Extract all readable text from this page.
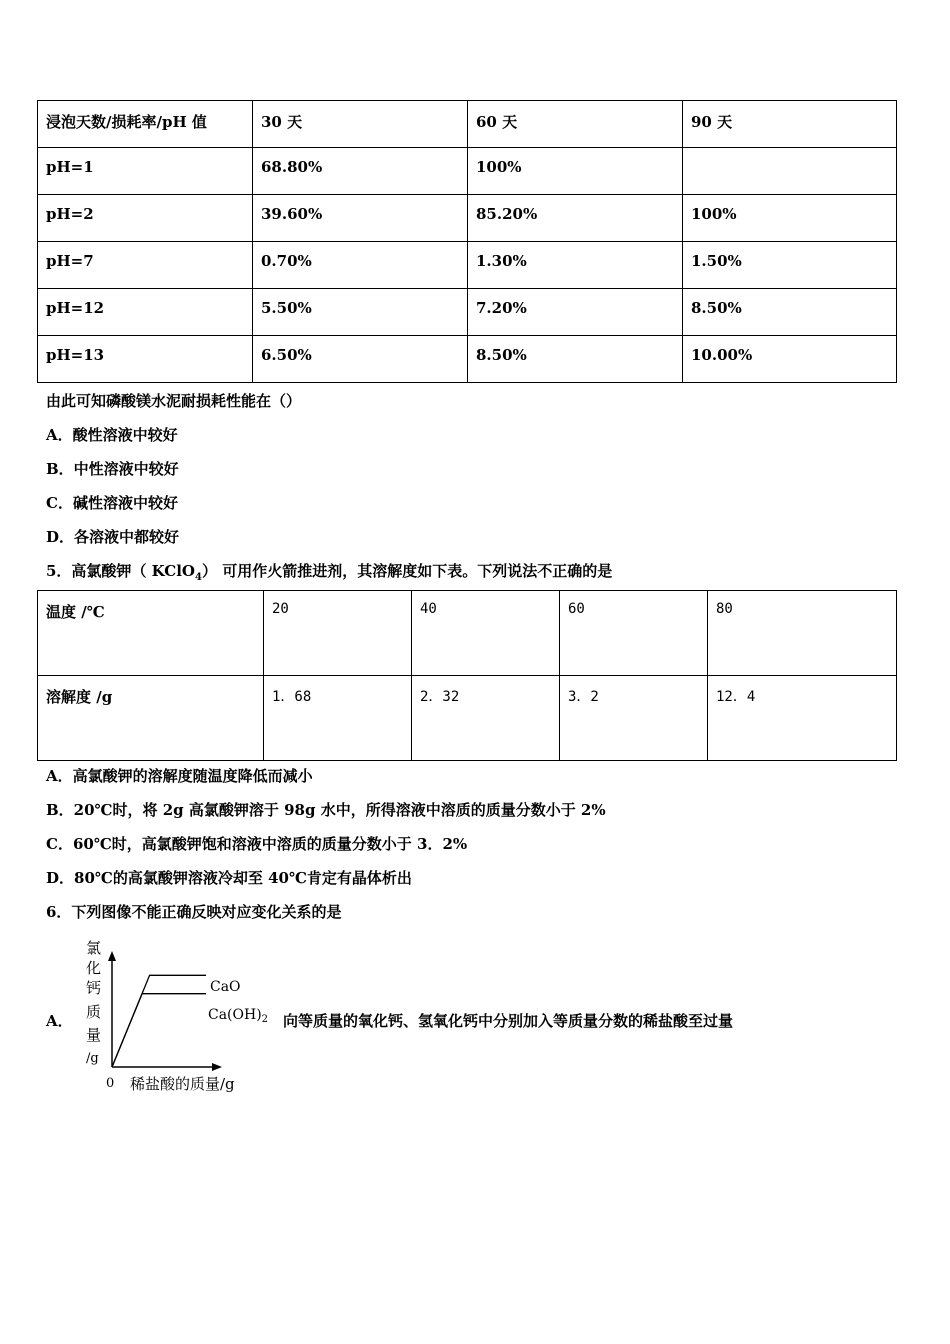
浸泡天数/损耗率/pH 值	30 天	60 天	90 天
pH=1	68.80%	100%	
pH=2	39.60%	85.20%	100%
pH=7	0.70%	1.30%	1.50%
pH=12	5.50%	7.20%	8.50%
pH=13	6.50%	8.50%	10.00%
由此可知磷酸镁水泥耐损耗性能在（）
A．酸性溶液中较好
B．中性溶液中较好
C．碱性溶液中较好
D．各溶液中都较好
5．高氯酸钾（ KClO$_4$） 可用作火箭推进剂，其溶解度如下表。下列说法不正确的是
温度 /℃	20	40	60	80
溶解度 /g	1．68	2．32	3．2	12．4
A．高氯酸钾的溶解度随温度降低而减小
B．20℃时，将 2g 高氯酸钾溶于 98g 水中，所得溶液中溶质的质量分数小于 2%
C．60℃时，高氯酸钾饱和溶液中溶质的质量分数小于 3．2%
D．80℃的高氯酸钾溶液冷却至 40℃肯定有晶体析出
6．下列图像不能正确反映对应变化关系的是
A．
氯
化
钙
质
量
/g
0 稀盐酸的质量/g
CaO
$Ca(OH)_2$ 向等质量的氧化钙、氢氧化钙中分别加入等质量分数的稀盐酸至过量
